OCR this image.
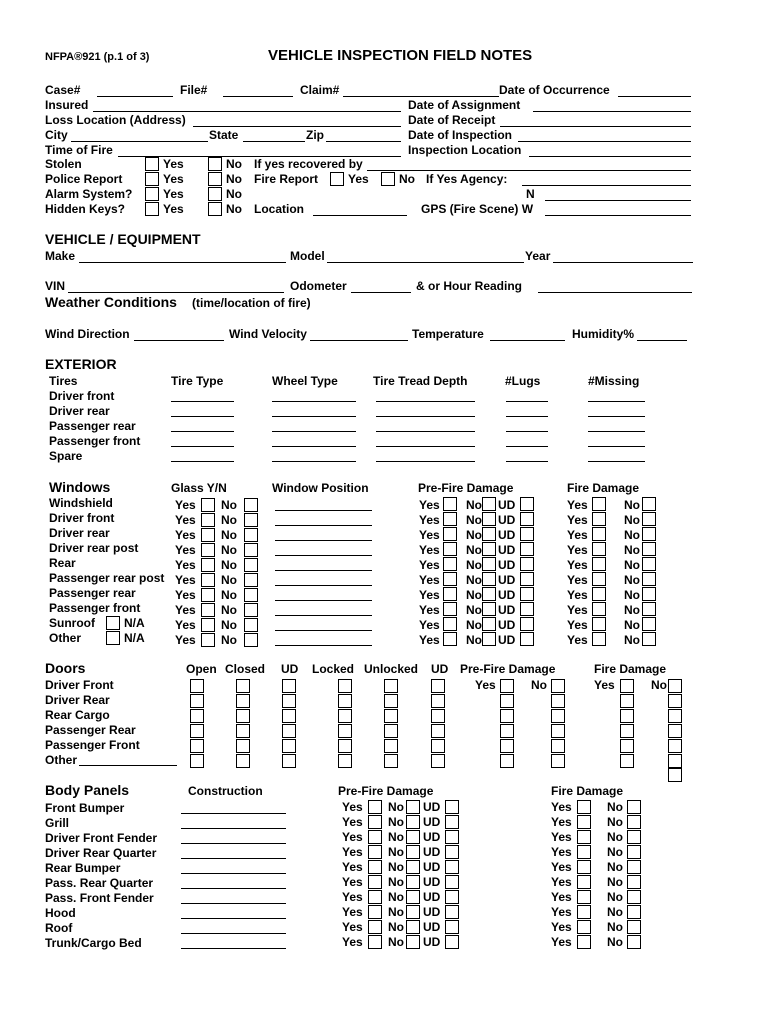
NFPA®921 (p.1 of 3)	VEHICLE INSPECTION FIELD NOTES
Case#	File#	Claim#	Date of Occurrence
Insured	Date of Assignment
Loss Location (Address)	Date of Receipt
City	State	Zip	Date of Inspection
Time of Fire	Inspection Location
Stolen	Yes	No If yes recovered by
Police Report	Yes	No Fire Report Yes	No If Yes Agency:
Alarm System?	Yes	No	N
Hidden Keys?	Yes	No Location	GPS (Fire Scene) W
VEHICLE / EQUIPMENT
Make	Model	Year
VIN	Odometer	& or Hour Reading
Weather Conditions (time/location of fire)
Wind Direction	Wind Velocity	Temperature	Humidity%
EXTERIOR
Tires	Tire Type	Wheel Type	Tire Tread Depth	#Lugs	#Missing
Driver front
Driver rear
Passenger rear
Passenger front
Spare
Windows	Glass Y/N	Window Position	Pre-Fire Damage	Fire Damage
Windshield	Yes No	Yes No UD	Yes	No
Driver front	Yes No	Yes No UD	Yes	No
Driver rear	Yes No	Yes No UD	Yes	No
Driver rear post	Yes No	Yes No UD	Yes	No
Rear	Yes No	Yes No UD	Yes	No
Passenger rear post Yes No	Yes No UD	Yes	No
Passenger rear	Yes No	Yes No UD	Yes	No
Passenger front	Yes No	Yes No UD	Yes	No
Sunroof N/A	Yes No	Yes No UD	Yes	No
Other	N/A	Yes No	Yes No UD	Yes	No
Doors	Open Closed UD Locked Unlocked UD Pre-Fire Damage	Fire Damage
Yes	No	Yes	No
Driver Front
Driver Rear
Rear Cargo
Passenger Rear
Passenger Front
Other
Body Panels	Construction	Pre-Fire Damage	Fire Damage
Front Bumper	Yes No UD	Yes	No
Grill	Yes No UD	Yes	No
Driver Front Fender	Yes No UD	Yes	No
Driver Rear Quarter	Yes No UD	Yes	No
Rear Bumper	Yes No UD	Yes	No
Pass. Rear Quarter	Yes No UD	Yes	No
Pass. Front Fender	Yes No UD	Yes	No
Hood	Yes No UD	Yes	No
Roof	Yes No UD	Yes	No
Trunk/Cargo Bed	Yes No UD	Yes	No
